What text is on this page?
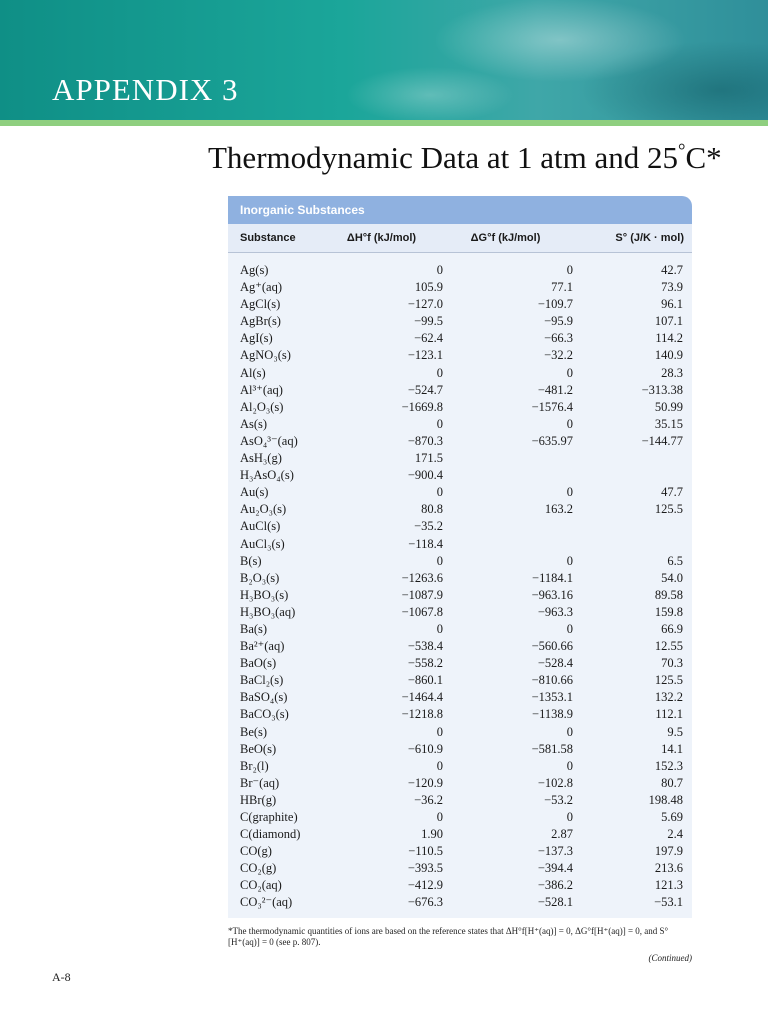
APPENDIX 3
Thermodynamic Data at 1 atm and 25°C*
Inorganic Substances
Substance	ΔH°f (kJ/mol)	ΔG°f (kJ/mol)	S° (J/K · mol)
Ag(s)	0	0	42.7
Ag⁺(aq)	105.9	77.1	73.9
AgCl(s)	−127.0	−109.7	96.1
AgBr(s)	−99.5	−95.9	107.1
AgI(s)	−62.4	−66.3	114.2
AgNO₃(s)	−123.1	−32.2	140.9
Al(s)	0	0	28.3
Al³⁺(aq)	−524.7	−481.2	−313.38
Al₂O₃(s)	−1669.8	−1576.4	50.99
As(s)	0	0	35.15
AsO₄³⁻(aq)	−870.3	−635.97	−144.77
AsH₃(g)	171.5
H₃AsO₄(s)	−900.4
Au(s)	0	0	47.7
Au₂O₃(s)	80.8	163.2	125.5
AuCl(s)	−35.2
AuCl₃(s)	−118.4
B(s)	0	0	6.5
B₂O₃(s)	−1263.6	−1184.1	54.0
H₃BO₃(s)	−1087.9	−963.16	89.58
H₃BO₃(aq)	−1067.8	−963.3	159.8
Ba(s)	0	0	66.9
Ba²⁺(aq)	−538.4	−560.66	12.55
BaO(s)	−558.2	−528.4	70.3
BaCl₂(s)	−860.1	−810.66	125.5
BaSO₄(s)	−1464.4	−1353.1	132.2
BaCO₃(s)	−1218.8	−1138.9	112.1
Be(s)	0	0	9.5
BeO(s)	−610.9	−581.58	14.1
Br₂(l)	0	0	152.3
Br⁻(aq)	−120.9	−102.8	80.7
HBr(g)	−36.2	−53.2	198.48
C(graphite)	0	0	5.69
C(diamond)	1.90	2.87	2.4
CO(g)	−110.5	−137.3	197.9
CO₂(g)	−393.5	−394.4	213.6
CO₂(aq)	−412.9	−386.2	121.3
CO₃²⁻(aq)	−676.3	−528.1	−53.1
*The thermodynamic quantities of ions are based on the reference states that ΔH°f[H⁺(aq)] = 0, ΔG°f[H⁺(aq)] = 0, and S°[H⁺(aq)] = 0 (see p. 807).
(Continued)
A-8
